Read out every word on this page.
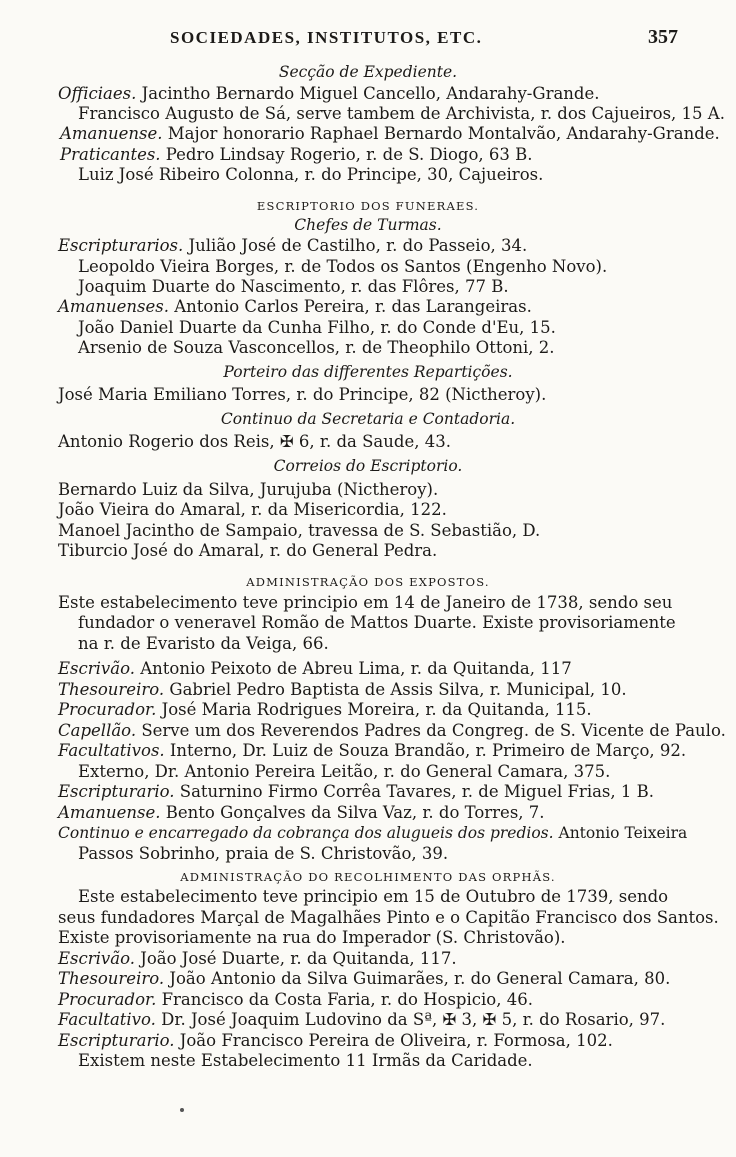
SOCIEDADES, INSTITUTOS, ETC.	357
Secção de Expediente.
Officiaes. Jacintho Bernardo Miguel Cancello, Andarahy-Grande.
Francisco Augusto de Sá, serve tambem de Archivista, r. dos Cajueiros, 15 A.
Amanuense. Major honorario Raphael Bernardo Montalvão, Andarahy-Grande.
Praticantes. Pedro Lindsay Rogerio, r. de S. Diogo, 63 B.
Luiz José Ribeiro Colonna, r. do Principe, 30, Cajueiros.
ESCRIPTORIO DOS FUNERAES.
Chefes de Turmas.
Escripturarios. Julião José de Castilho, r. do Passeio, 34.
Leopoldo Vieira Borges, r. de Todos os Santos (Engenho Novo).
Joaquim Duarte do Nascimento, r. das Flôres, 77 B.
Amanuenses. Antonio Carlos Pereira, r. das Larangeiras.
João Daniel Duarte da Cunha Filho, r. do Conde d'Eu, 15.
Arsenio de Souza Vasconcellos, r. de Theophilo Ottoni, 2.
Porteiro das differentes Repartições.
José Maria Emiliano Torres, r. do Principe, 82 (Nictheroy).
Continuo da Secretaria e Contadoria.
Antonio Rogerio dos Reis, ✠ 6, r. da Saude, 43.
Correios do Escriptorio.
Bernardo Luiz da Silva, Jurujuba (Nictheroy).
João Vieira do Amaral, r. da Misericordia, 122.
Manoel Jacintho de Sampaio, travessa de S. Sebastião, D.
Tiburcio José do Amaral, r. do General Pedra.
ADMINISTRAÇÃO DOS EXPOSTOS.
Este estabelecimento teve principio em 14 de Janeiro de 1738, sendo seu
fundador o veneravel Romão de Mattos Duarte. Existe provisoriamente
na r. de Evaristo da Veiga, 66.
Escrivão. Antonio Peixoto de Abreu Lima, r. da Quitanda, 117
Thesoureiro. Gabriel Pedro Baptista de Assis Silva, r. Municipal, 10.
Procurador. José Maria Rodrigues Moreira, r. da Quitanda, 115.
Capellão. Serve um dos Reverendos Padres da Congreg. de S. Vicente de Paulo.
Facultativos. Interno, Dr. Luiz de Souza Brandão, r. Primeiro de Março, 92.
Externo, Dr. Antonio Pereira Leitão, r. do General Camara, 375.
Escripturario. Saturnino Firmo Corrêa Tavares, r. de Miguel Frias, 1 B.
Amanuense. Bento Gonçalves da Silva Vaz, r. do Torres, 7.
Continuo e encarregado da cobrança dos alugueis dos predios. Antonio Teixeira
Passos Sobrinho, praia de S. Christovão, 39.
ADMINISTRAÇÃO DO RECOLHIMENTO DAS ORPHÃS.
Este estabelecimento teve principio em 15 de Outubro de 1739, sendo
seus fundadores Marçal de Magalhães Pinto e o Capitão Francisco dos Santos.
Existe provisoriamente na rua do Imperador (S. Christovão).
Escrivão. João José Duarte, r. da Quitanda, 117.
Thesoureiro. João Antonio da Silva Guimarães, r. do General Camara, 80.
Procurador. Francisco da Costa Faria, r. do Hospicio, 46.
Facultativo. Dr. José Joaquim Ludovino da Sª, ✠ 3, ✠ 5, r. do Rosario, 97.
Escripturario. João Francisco Pereira de Oliveira, r. Formosa, 102.
Existem neste Estabelecimento 11 Irmãs da Caridade.
